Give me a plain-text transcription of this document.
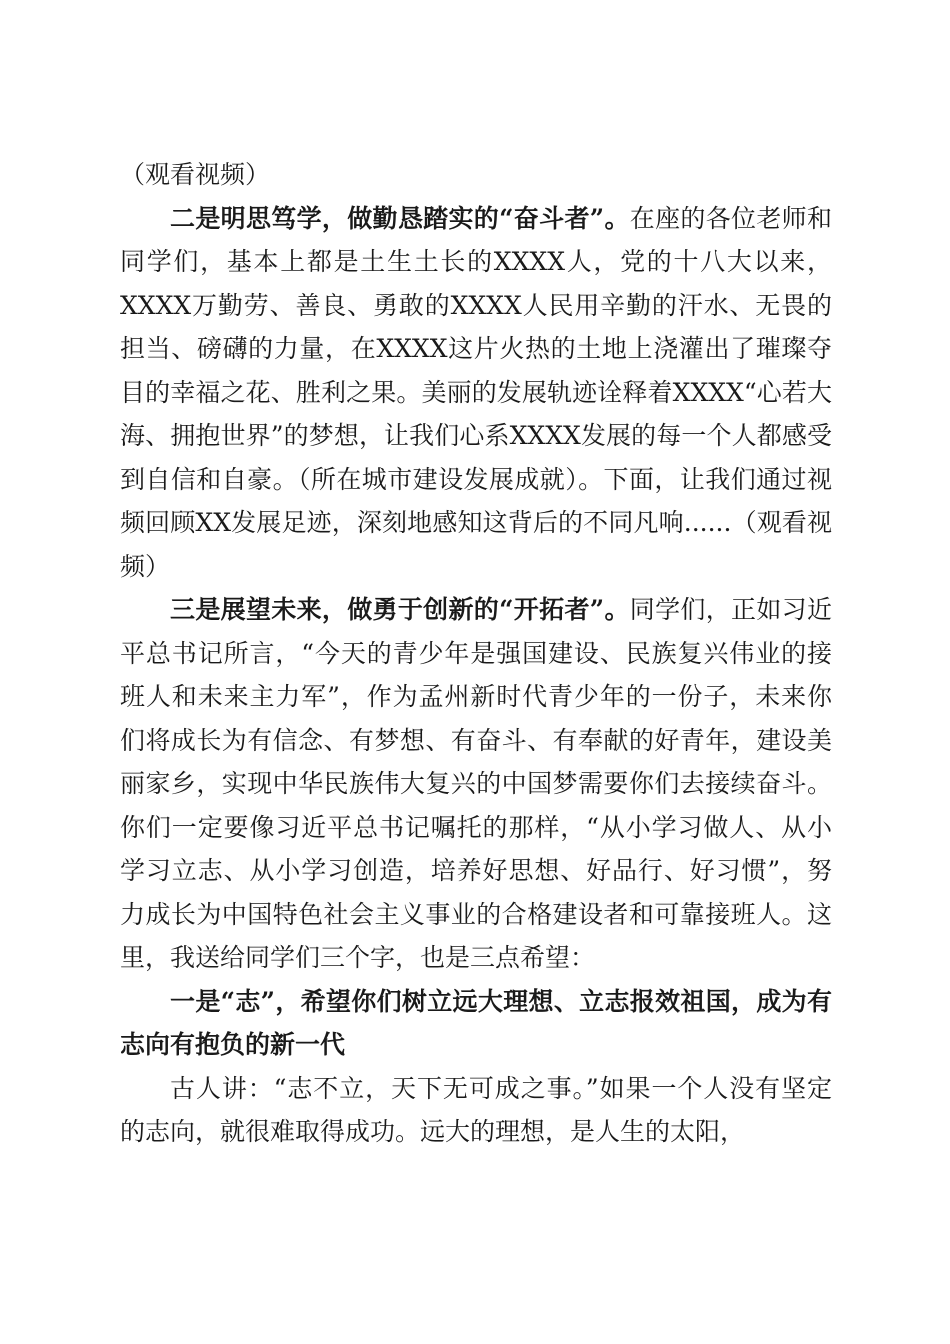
（观看视频）

二是明思笃学，做勤恳踏实的“奋斗者”。在座的各位老师和同学们，基本上都是土生土长的XXXX人，党的十八大以来，XXXX万勤劳、善良、勇敢的XXXX人民用辛勤的汗水、无畏的担当、磅礴的力量，在XXXX这片火热的土地上浇灌出了璀璨夺目的幸福之花、胜利之果。美丽的发展轨迹诠释着XXXX“心若大海、拥抱世界”的梦想，让我们心系XXXX发展的每一个人都感受到自信和自豪。（所在城市建设发展成就）。下面，让我们通过视频回顾XX发展足迹，深刻地感知这背后的不同凡响......（观看视频）

三是展望未来，做勇于创新的“开拓者”。同学们，正如习近平总书记所言，“今天的青少年是强国建设、民族复兴伟业的接班人和未来主力军”，作为孟州新时代青少年的一份子，未来你们将成长为有信念、有梦想、有奋斗、有奉献的好青年，建设美丽家乡，实现中华民族伟大复兴的中国梦需要你们去接续奋斗。你们一定要像习近平总书记嘱托的那样，“从小学习做人、从小学习立志、从小学习创造，培养好思想、好品行、好习惯”，努力成长为中国特色社会主义事业的合格建设者和可靠接班人。这里，我送给同学们三个字，也是三点希望：

一是“志”，希望你们树立远大理想、立志报效祖国，成为有志向有抱负的新一代

古人讲：“志不立，天下无可成之事。”如果一个人没有坚定的志向，就很难取得成功。远大的理想，是人生的太阳，
